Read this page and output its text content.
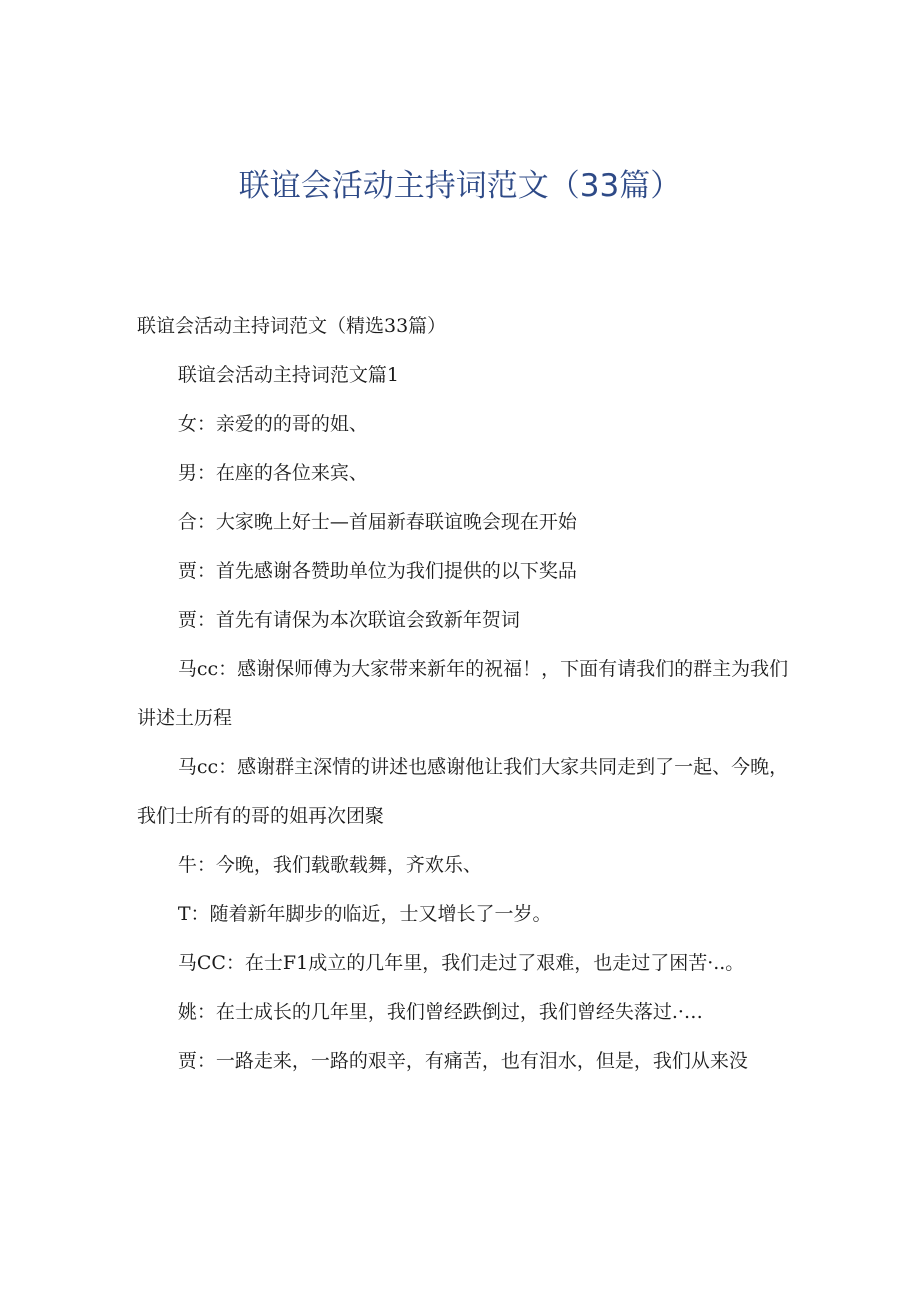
联谊会活动主持词范文（33篇）

联谊会活动主持词范文（精选33篇）

联谊会活动主持词范文篇1

女：亲爱的的哥的姐、

男：在座的各位来宾、

合：大家晚上好士—首届新春联谊晚会现在开始

贾：首先感谢各赞助单位为我们提供的以下奖品

贾：首先有请保为本次联谊会致新年贺词

马cc：感谢保师傅为大家带来新年的祝福！，下面有请我们的群主为我们讲述土历程

马cc：感谢群主深情的讲述也感谢他让我们大家共同走到了一起、今晚，我们士所有的哥的姐再次团聚

牛：今晚，我们载歌载舞，齐欢乐、

T：随着新年脚步的临近，士又增长了一岁。

马CC：在士F1成立的几年里，我们走过了艰难，也走过了困苦·..。

姚：在士成长的几年里，我们曾经跌倒过，我们曾经失落过.·…

贾：一路走来，一路的艰辛，有痛苦，也有泪水，但是，我们从来没
